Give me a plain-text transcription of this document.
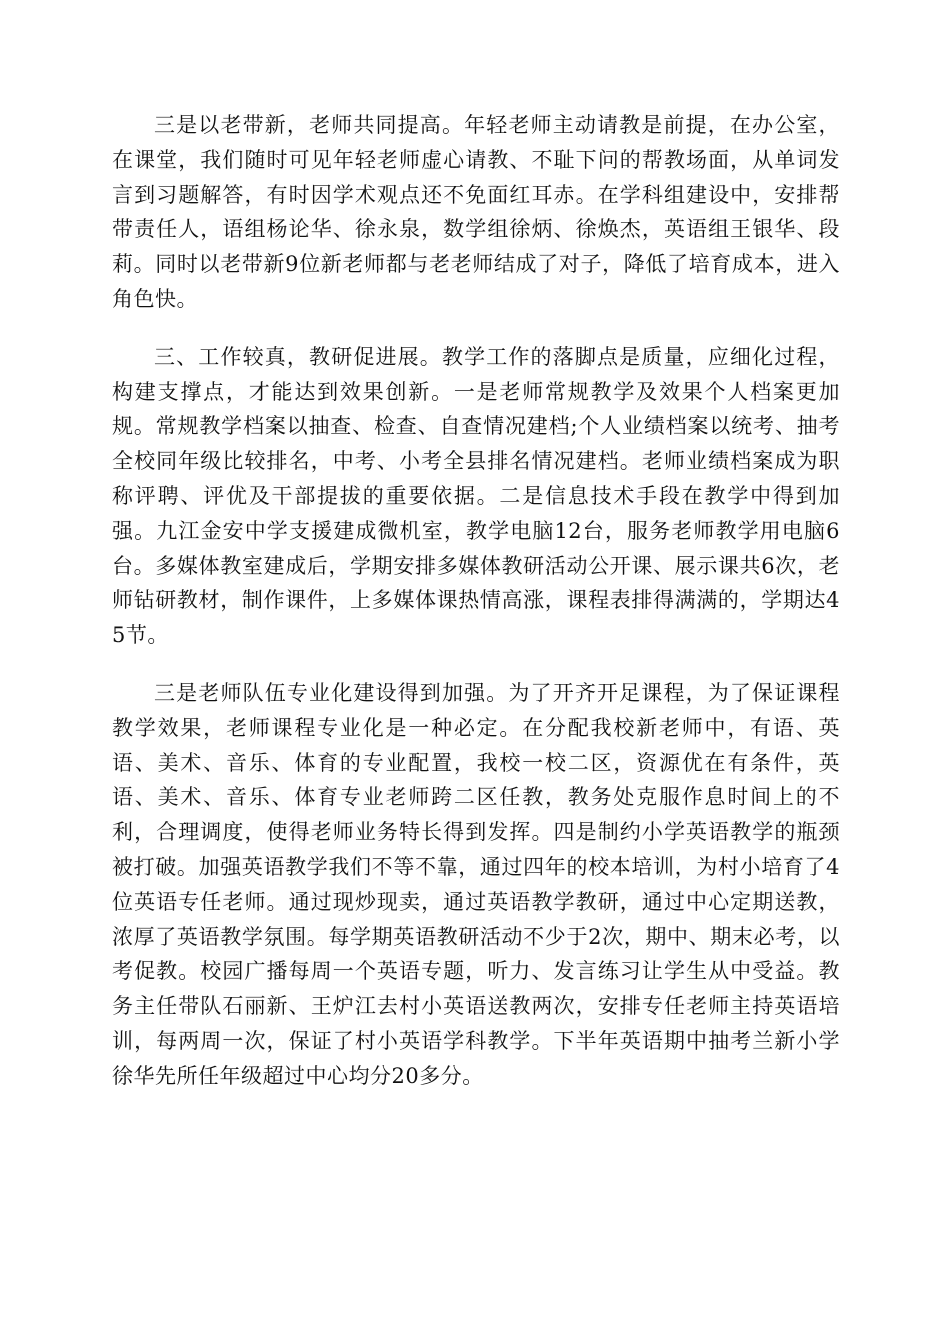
三是以老带新，老师共同提高。年轻老师主动请教是前提，在办公室，在课堂，我们随时可见年轻老师虚心请教、不耻下问的帮教场面，从单词发言到习题解答，有时因学术观点还不免面红耳赤。在学科组建设中，安排帮带责任人，语组杨论华、徐永泉，数学组徐炳、徐焕杰，英语组王银华、段莉。同时以老带新9位新老师都与老老师结成了对子，降低了培育成本，进入角色快。

三、工作较真，教研促进展。教学工作的落脚点是质量，应细化过程，构建支撑点，才能达到效果创新。一是老师常规教学及效果个人档案更加规。常规教学档案以抽查、检查、自查情况建档;个人业绩档案以统考、抽考全校同年级比较排名，中考、小考全县排名情况建档。老师业绩档案成为职称评聘、评优及干部提拔的重要依据。二是信息技术手段在教学中得到加强。九江金安中学支援建成微机室，教学电脑12台，服务老师教学用电脑6台。多媒体教室建成后，学期安排多媒体教研活动公开课、展示课共6次，老师钻研教材，制作课件，上多媒体课热情高涨，课程表排得满满的，学期达45节。

三是老师队伍专业化建设得到加强。为了开齐开足课程，为了保证课程教学效果，老师课程专业化是一种必定。在分配我校新老师中，有语、英语、美术、音乐、体育的专业配置，我校一校二区，资源优在有条件，英语、美术、音乐、体育专业老师跨二区任教，教务处克服作息时间上的不利，合理调度，使得老师业务特长得到发挥。四是制约小学英语教学的瓶颈被打破。加强英语教学我们不等不靠，通过四年的校本培训，为村小培育了4位英语专任老师。通过现炒现卖，通过英语教学教研，通过中心定期送教，浓厚了英语教学氛围。每学期英语教研活动不少于2次，期中、期末必考，以考促教。校园广播每周一个英语专题，听力、发言练习让学生从中受益。教务主任带队石丽新、王炉江去村小英语送教两次，安排专任老师主持英语培训，每两周一次，保证了村小英语学科教学。下半年英语期中抽考兰新小学徐华先所任年级超过中心均分20多分。
